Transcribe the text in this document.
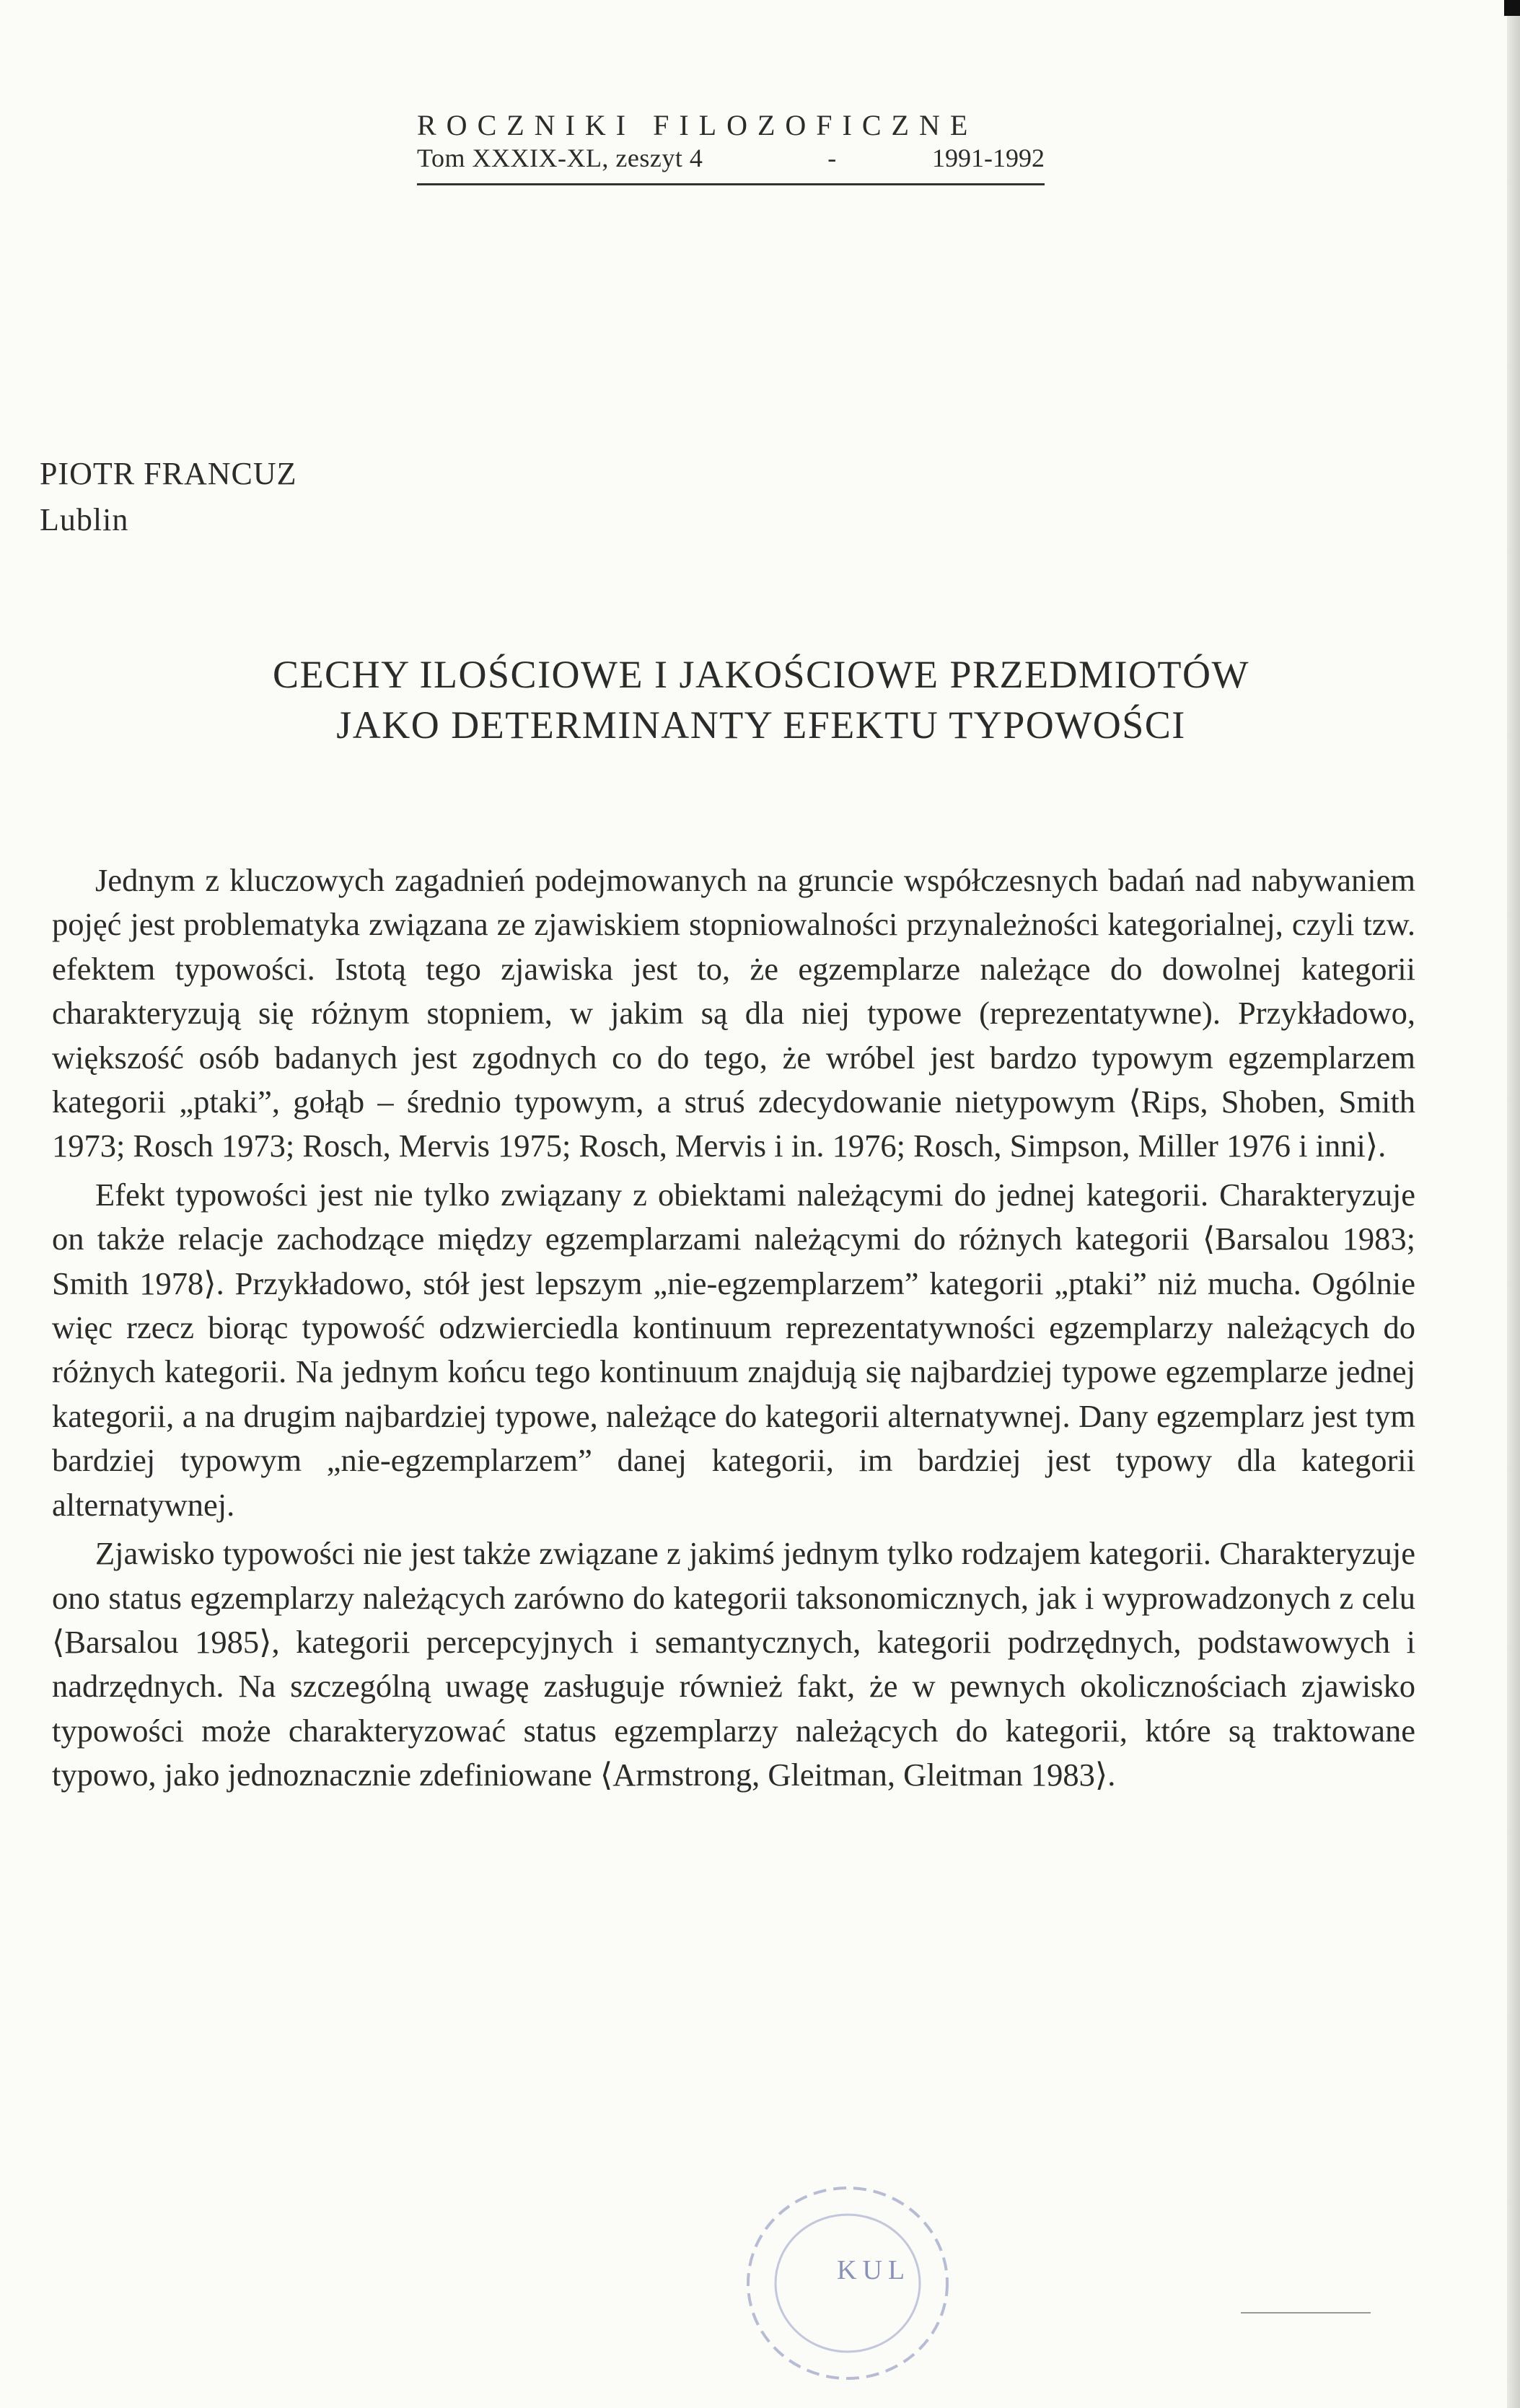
ROCZNIKI FILOZOFICZNE
Tom XXXIX-XL, zeszyt 4	-	1991-1992
PIOTR FRANCUZ
Lublin
CECHY ILOŚCIOWE I JAKOŚCIOWE PRZEDMIOTÓW
JAKO DETERMINANTY EFEKTU TYPOWOŚCI

Jednym z kluczowych zagadnień podejmowanych na gruncie współczesnych badań nad nabywaniem pojęć jest problematyka związana ze zjawiskiem stopniowalności przynależności kategorialnej, czyli tzw. efektem typowości. Istotą tego zjawiska jest to, że egzemplarze należące do dowolnej kategorii charakteryzują się różnym stopniem, w jakim są dla niej typowe (reprezentatywne). Przykładowo, większość osób badanych jest zgodnych co do tego, że wróbel jest bardzo typowym egzemplarzem kategorii „ptaki”, gołąb – średnio typowym, a struś zdecydowanie nietypowym ⟨Rips, Shoben, Smith 1973; Rosch 1973; Rosch, Mervis 1975; Rosch, Mervis i in. 1976; Rosch, Simpson, Miller 1976 i inni⟩.

Efekt typowości jest nie tylko związany z obiektami należącymi do jednej kategorii. Charakteryzuje on także relacje zachodzące między egzemplarzami należącymi do różnych kategorii ⟨Barsalou 1983; Smith 1978⟩. Przykładowo, stół jest lepszym „nie-egzemplarzem” kategorii „ptaki” niż mucha. Ogólnie więc rzecz biorąc typowość odzwierciedla kontinuum reprezentatywności egzemplarzy należących do różnych kategorii. Na jednym końcu tego kontinuum znajdują się najbardziej typowe egzemplarze jednej kategorii, a na drugim najbardziej typowe, należące do kategorii alternatywnej. Dany egzemplarz jest tym bardziej typowym „nie-egzemplarzem” danej kategorii, im bardziej jest typowy dla kategorii alternatywnej.

Zjawisko typowości nie jest także związane z jakimś jednym tylko rodzajem kategorii. Charakteryzuje ono status egzemplarzy należących zarówno do kategorii taksonomicznych, jak i wyprowadzonych z celu ⟨Barsalou 1985⟩, kategorii percepcyjnych i semantycznych, kategorii podrzędnych, podstawowych i nadrzędnych. Na szczególną uwagę zasługuje również fakt, że w pewnych okolicznościach zjawisko typowości może charakteryzować status egzemplarzy należących do kategorii, które są traktowane typowo, jako jednoznacznie zdefiniowane ⟨Armstrong, Gleitman, Gleitman 1983⟩.

KUL
